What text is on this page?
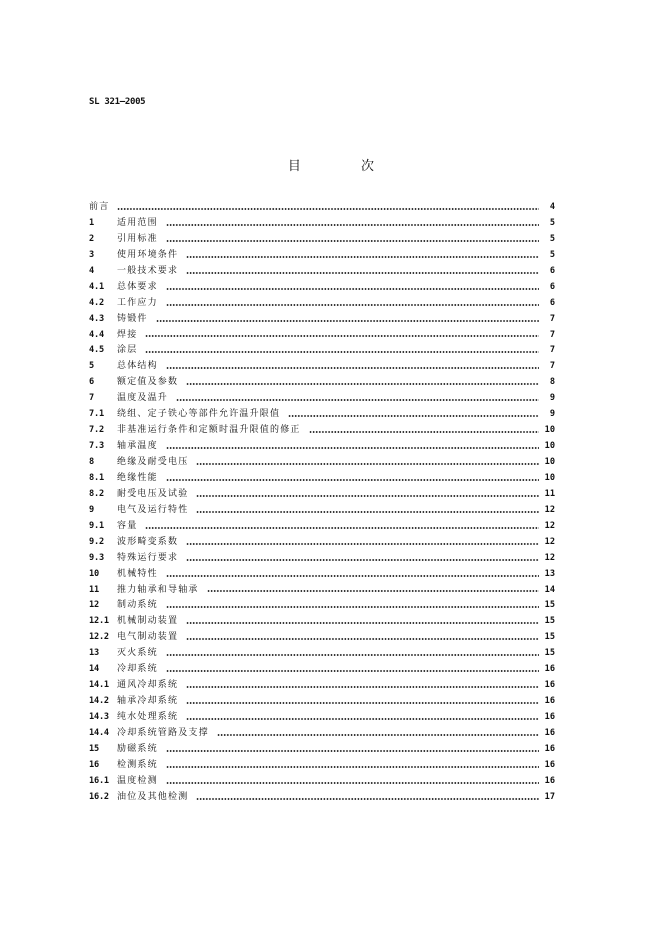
SL 321—2005
目 次
前言	4
1	适用范围	5
2	引用标准	5
3	使用环境条件	5
4	一般技术要求	6
4.1	总体要求	6
4.2	工作应力	6
4.3	铸锻件	7
4.4	焊接	7
4.5	涂层	7
5	总体结构	7
6	额定值及参数	8
7	温度及温升	9
7.1	绕组、定子铁心等部件允许温升限值	9
7.2	非基准运行条件和定额时温升限值的修正	10
7.3	轴承温度	10
8	绝缘及耐受电压	10
8.1	绝缘性能	10
8.2	耐受电压及试验	11
9	电气及运行特性	12
9.1	容量	12
9.2	波形畸变系数	12
9.3	特殊运行要求	12
10	机械特性	13
11	推力轴承和导轴承	14
12	制动系统	15
12.1 机械制动装置	15
12.2 电气制动装置	15
13	灭火系统	15
14	冷却系统	16
14.1 通风冷却系统	16
14.2 轴承冷却系统	16
14.3 纯水处理系统	16
14.4 冷却系统管路及支撑	16
15	励磁系统	16
16	检测系统	16
16.1 温度检测	16
16.2 油位及其他检测	17
